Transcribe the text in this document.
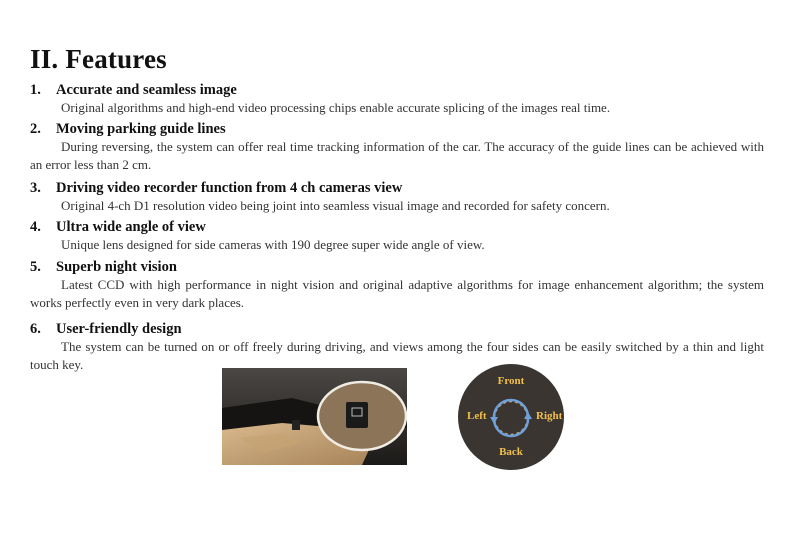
II. Features
1. Accurate and seamless image
Original algorithms and high-end video processing chips enable accurate splicing of the images real time.
2. Moving parking guide lines
During reversing, the system can offer real time tracking information of the car. The accuracy of the guide lines can be achieved with an error less than 2 cm.
3. Driving video recorder function from 4 ch cameras view
Original 4-ch D1 resolution video being joint into seamless visual image and recorded for safety concern.
4. Ultra wide angle of view
Unique lens designed for side cameras with 190 degree super wide angle of view.
5. Superb night vision
Latest CCD with high performance in night vision and original adaptive algorithms for image enhancement algorithm; the system works perfectly even in very dark places.
6. User-friendly design
The system can be turned on or off freely during driving, and views among the four sides can be easily switched by a thin and light touch key.
Front
Left	Right
Back
